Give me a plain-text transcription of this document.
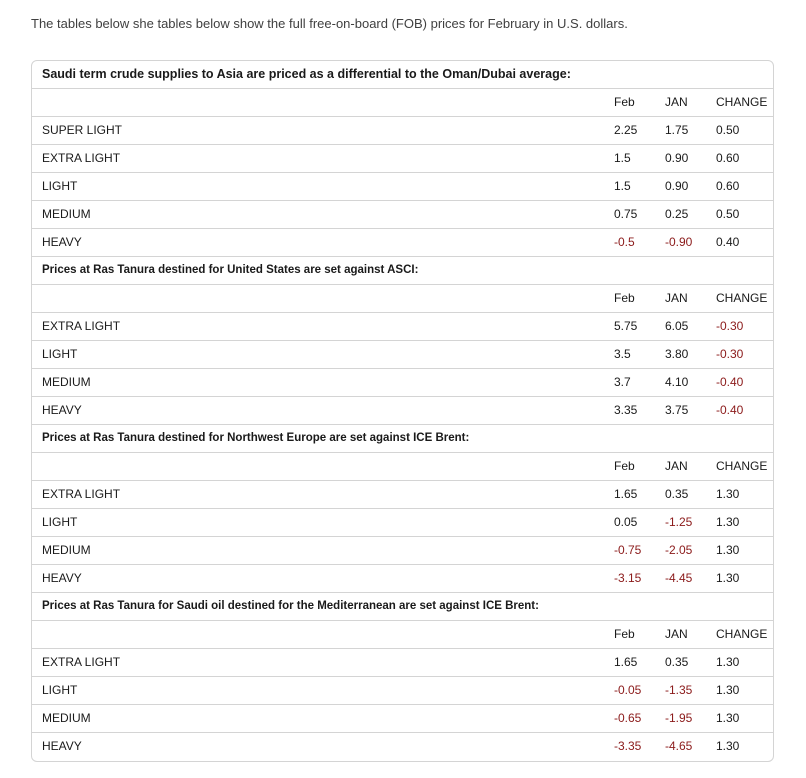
The tables below she tables below show the full free-on-board (FOB) prices for February in U.S. dollars.
Saudi term crude supplies to Asia are priced as a differential to the Oman/Dubai average:
Feb	JAN CHANGE
SUPER LIGHT	2.25 1.75 0.50
EXTRA LIGHT	1.5	0.90 0.60
LIGHT	1.5	0.90 0.60
MEDIUM	0.75 0.25 0.50
HEAVY	-0.5	-0.90 0.40
Prices at Ras Tanura destined for United States are set against ASCI:
Feb	JAN CHANGE
EXTRA LIGHT	5.75 6.05 -0.30
LIGHT	3.5	3.80 -0.30
MEDIUM	3.7	4.10 -0.40
HEAVY	3.35 3.75 -0.40
Prices at Ras Tanura destined for Northwest Europe are set against ICE Brent:
Feb	JAN CHANGE
EXTRA LIGHT	1.65 0.35 1.30
LIGHT	0.05 -1.25 1.30
MEDIUM	-0.75 -2.05 1.30
HEAVY	-3.15 -4.45 1.30
Prices at Ras Tanura for Saudi oil destined for the Mediterranean are set against ICE Brent:
Feb	JAN CHANGE
EXTRA LIGHT	1.65 0.35 1.30
LIGHT	-0.05 -1.35 1.30
MEDIUM	-0.65 -1.95 1.30
HEAVY	-3.35 -4.65 1.30
